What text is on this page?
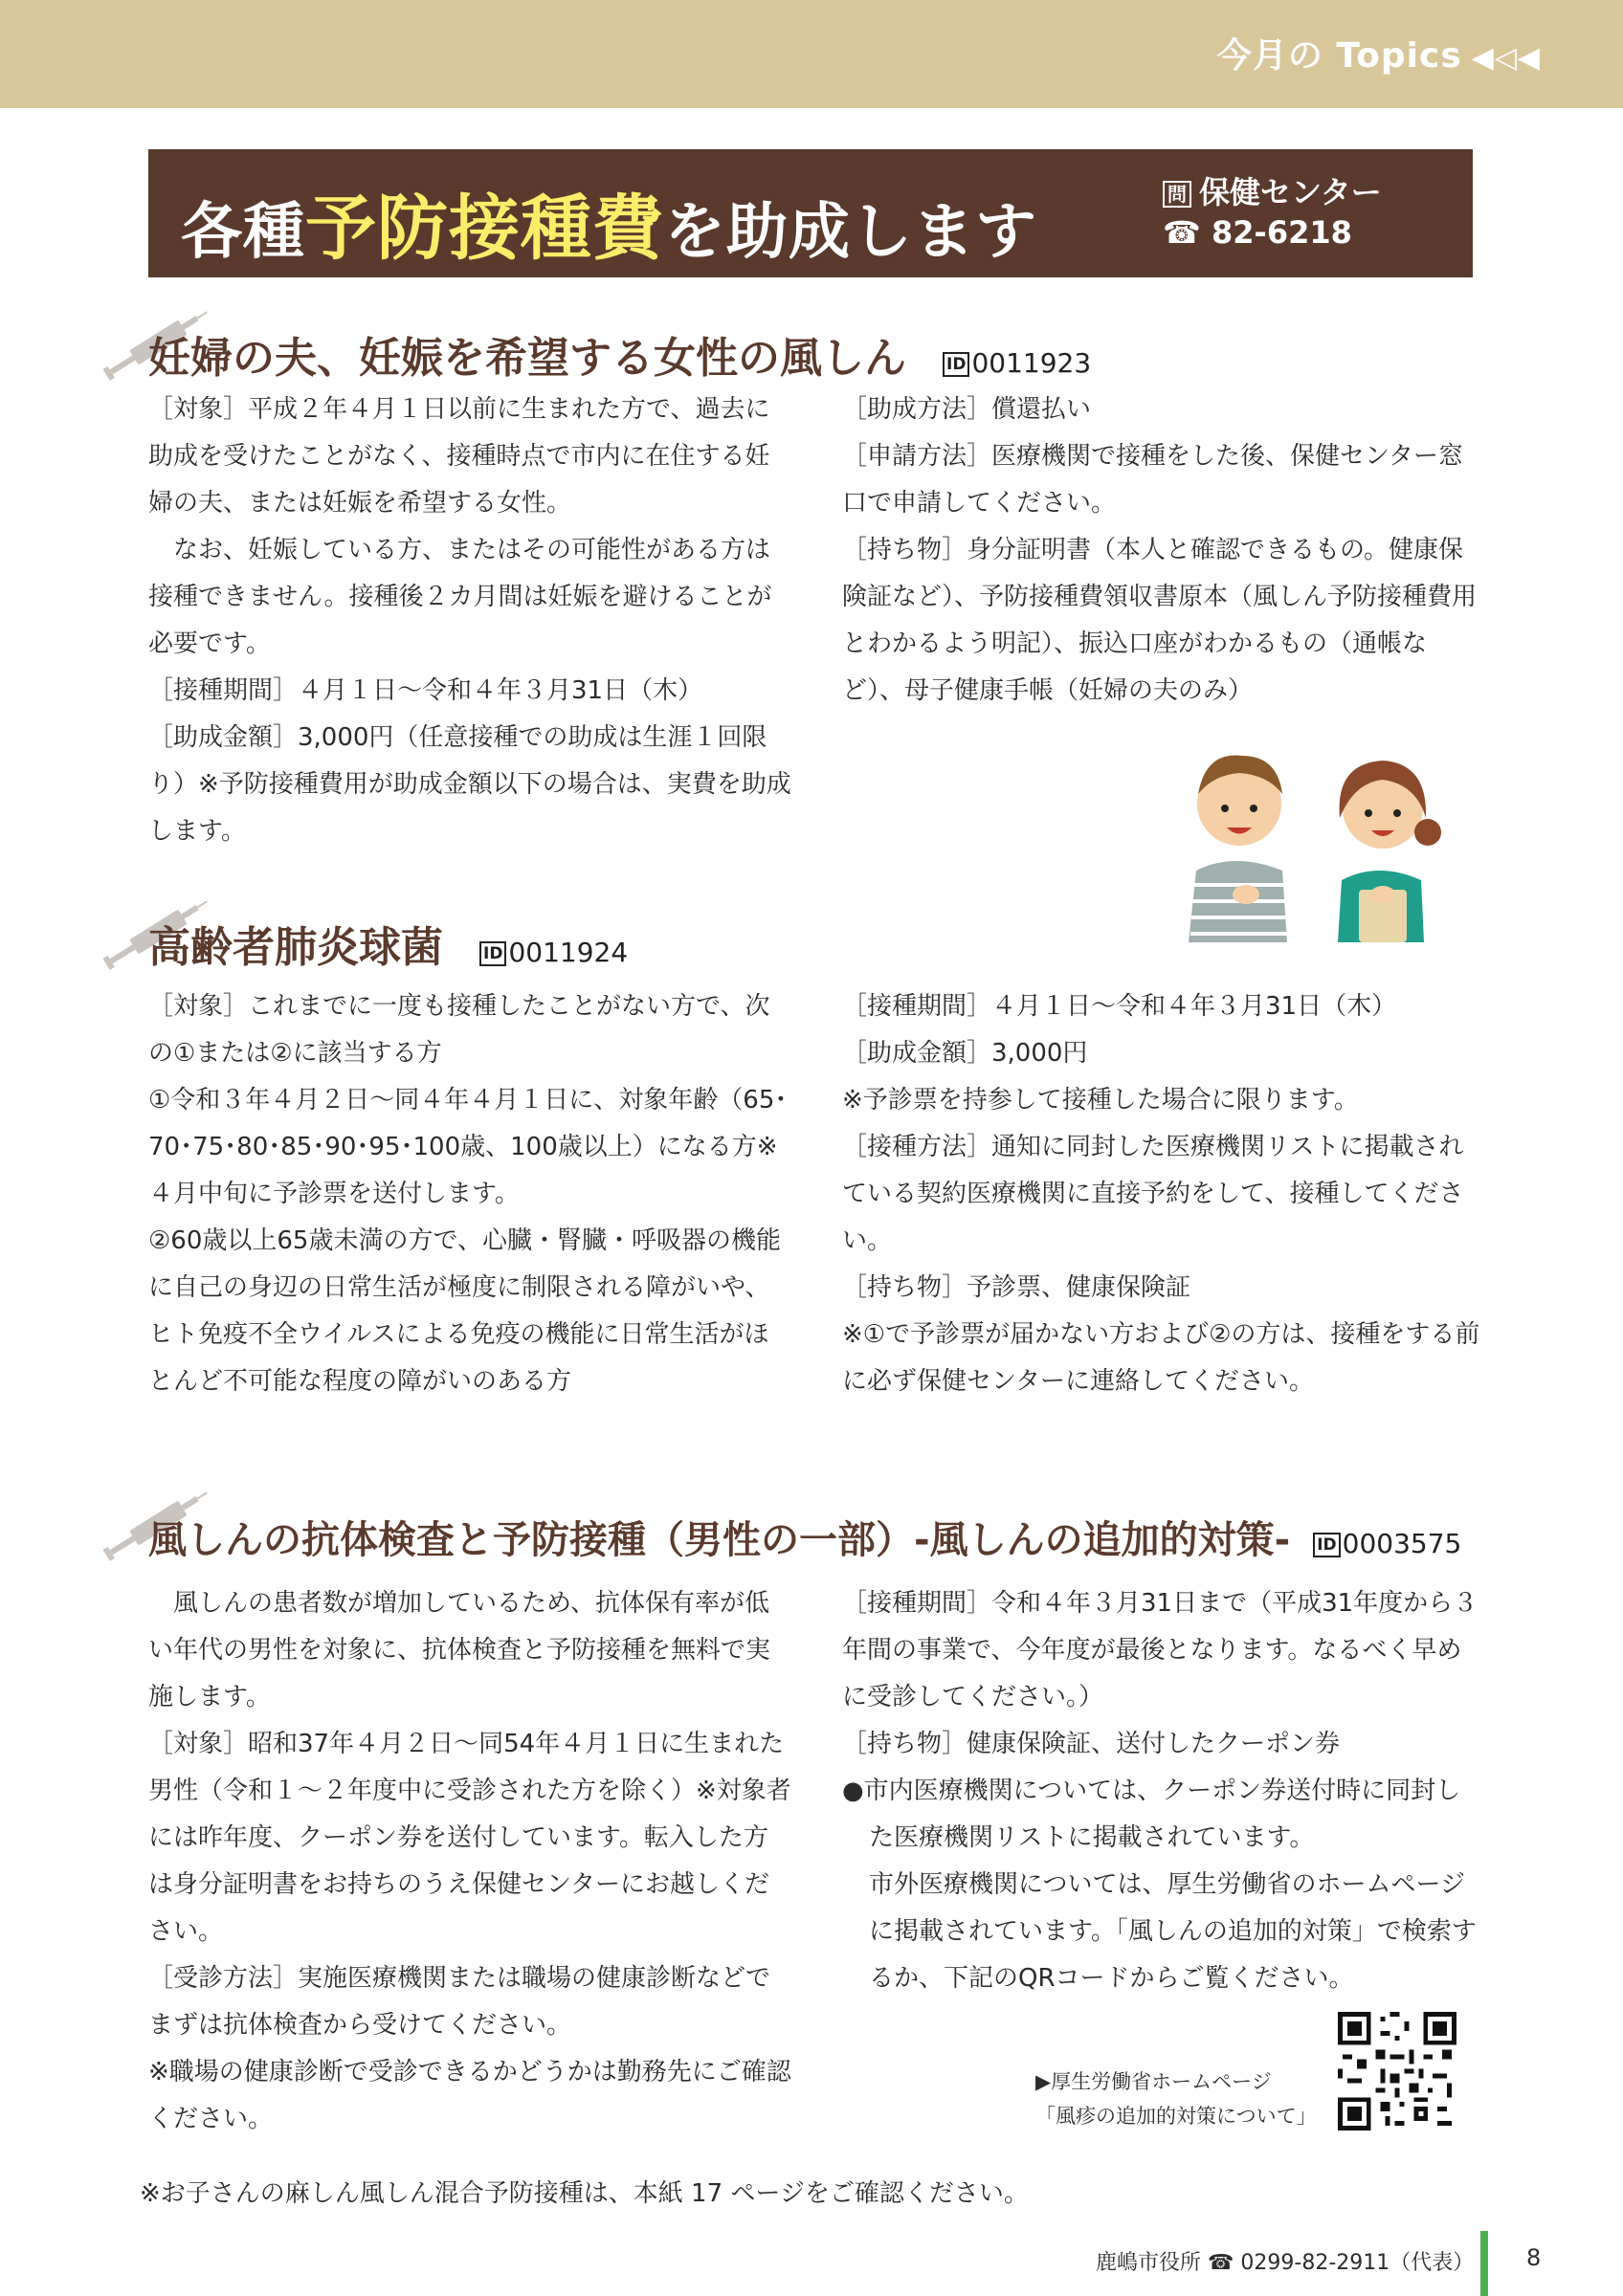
今月の Topics ◀◁◀
各種予防接種費を助成します
問 保健センター
☎ 82-6218
妊婦の夫、妊娠を希望する女性の風しん ID 0011923

［対象］平成２年４月１日以前に生まれた方で、過去に助成を受けたことがなく、接種時点で市内に在住する妊婦の夫、または妊娠を希望する女性。

なお、妊娠している方、またはその可能性がある方は接種できません。接種後２カ月間は妊娠を避けることが必要です。

［接種期間］４月１日～令和４年３月31日（木）

［助成金額］3,000円（任意接種での助成は生涯１回限り）※予防接種費用が助成金額以下の場合は、実費を助成します。

［助成方法］償還払い

［申請方法］医療機関で接種をした後、保健センター窓口で申請してください。

［持ち物］身分証明書（本人と確認できるもの。健康保険証など）、予防接種費領収書原本（風しん予防接種費用とわかるよう明記）、振込口座がわかるもの（通帳など）、母子健康手帳（妊婦の夫のみ）

高齢者肺炎球菌 ID 0011924

［対象］これまでに一度も接種したことがない方で、次の①または②に該当する方

①令和３年４月２日～同４年４月１日に、対象年齢（65･70･75･80･85･90･95･100歳、100歳以上）になる方※４月中旬に予診票を送付します。

②60歳以上65歳未満の方で、心臓・腎臓・呼吸器の機能に自己の身辺の日常生活が極度に制限される障がいや、ヒト免疫不全ウイルスによる免疫の機能に日常生活がほとんど不可能な程度の障がいのある方

［接種期間］４月１日～令和４年３月31日（木）

［助成金額］3,000円

※予診票を持参して接種した場合に限ります。

［接種方法］通知に同封した医療機関リストに掲載されている契約医療機関に直接予約をして、接種してください。

［持ち物］予診票、健康保険証

※①で予診票が届かない方および②の方は、接種をする前に必ず保健センターに連絡してください。

風しんの抗体検査と予防接種（男性の一部）-風しんの追加的対策- ID 0003575

風しんの患者数が増加しているため、抗体保有率が低い年代の男性を対象に、抗体検査と予防接種を無料で実施します。

［対象］昭和37年４月２日～同54年４月１日に生まれた男性（令和１～２年度中に受診された方を除く）※対象者には昨年度、クーポン券を送付しています。転入した方は身分証明書をお持ちのうえ保健センターにお越しください。

［受診方法］実施医療機関または職場の健康診断などでまずは抗体検査から受けてください。

※職場の健康診断で受診できるかどうかは勤務先にご確認ください。

［接種期間］令和４年３月31日まで（平成31年度から３年間の事業で、今年度が最後となります。なるべく早めに受診してください。）

［持ち物］健康保険証、送付したクーポン券

●市内医療機関については、クーポン券送付時に同封した医療機関リストに掲載されています。

市外医療機関については、厚生労働省のホームページに掲載されています。「風しんの追加的対策」で検索するか、下記のQRコードからご覧ください。

▶厚生労働省ホームページ
「風疹の追加的対策について」
※お子さんの麻しん風しん混合予防接種は、本紙 17 ページをご確認ください。
鹿嶋市役所 ☎ 0299-82-2911（代表） 8
